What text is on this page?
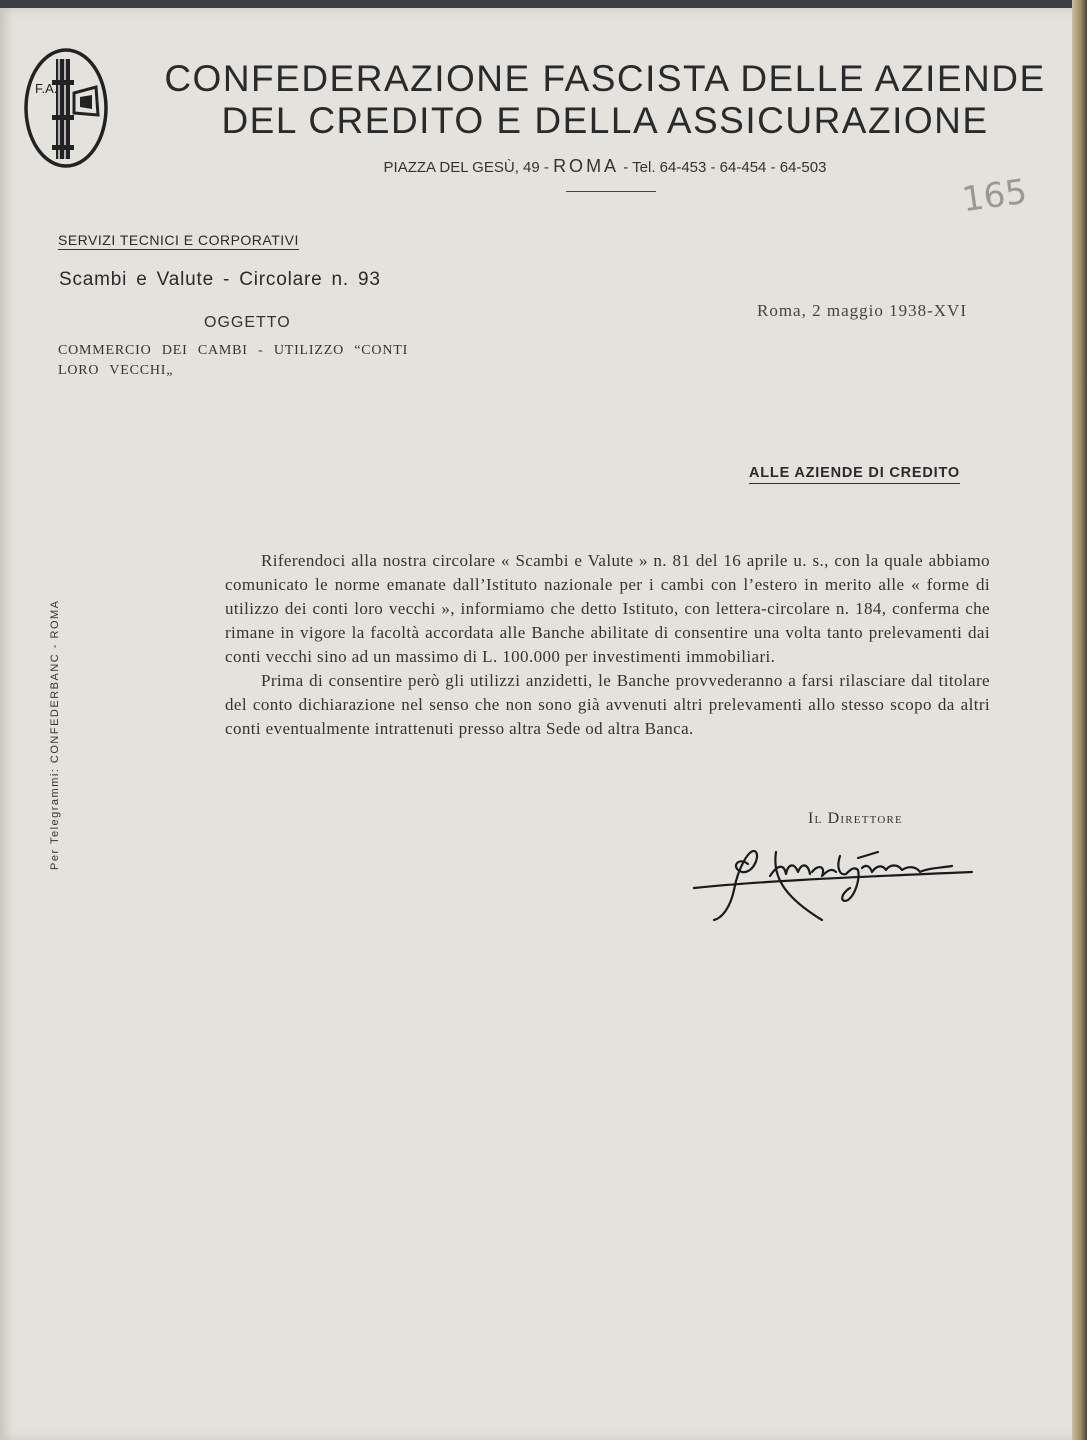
F.A.	CONFEDERAZIONE FASCISTA DELLE AZIENDE
DEL CREDITO E DELLA ASSICURAZIONE
PIAZZA DEL GESÙ, 49 - ROMA - Tel. 64-453 - 64-454 - 64-503
165
SERVIZI TECNICI E CORPORATIVI
Scambi e Valute - Circolare n. 93
OGGETTO
COMMERCIO DEI CAMBI - UTILIZZO “CONTI LORO VECCHI„
Roma, 2 maggio 1938-XVI
ALLE AZIENDE DI CREDITO

Riferendoci alla nostra circolare « Scambi e Valute » n. 81 del 16 aprile u. s., con la quale abbiamo comunicato le norme emanate dall’Istituto nazionale per i cambi con l’estero in merito alle « forme di utilizzo dei conti loro vecchi », informiamo che detto Istituto, con lettera-circolare n. 184, conferma che rimane in vigore la facoltà accordata alle Banche abilitate di consentire una volta tanto prelevamenti dai conti vecchi sino ad un massimo di L. 100.000 per investimenti immobiliari.

Prima di consentire però gli utilizzi anzidetti, le Banche provvederanno a farsi rilasciare dal titolare del conto dichiarazione nel senso che non sono già avvenuti altri prelevamenti allo stesso scopo da altri conti eventualmente intrattenuti presso altra Sede od altra Banca.

Il Direttore
Per Telegrammi: CONFEDERBANC - ROMA
